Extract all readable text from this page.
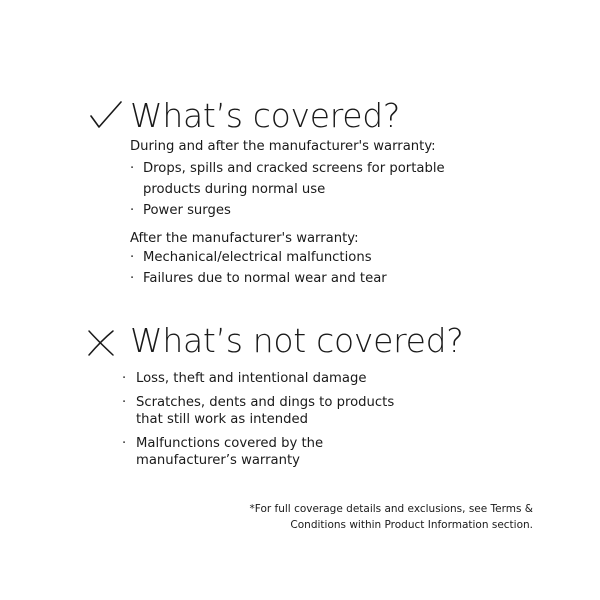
What’s covered?
During and after the manufacturer's warranty:
· Drops, spills and cracked screens for portable
products during normal use
· Power surges
After the manufacturer's warranty:
· Mechanical/electrical malfunctions
· Failures due to normal wear and tear
What’s not covered?
· Loss, theft and intentional damage
· Scratches, dents and dings to products
that still work as intended
· Malfunctions covered by the
manufacturer’s warranty
*For full coverage details and exclusions, see Terms &
Conditions within Product Information section.
